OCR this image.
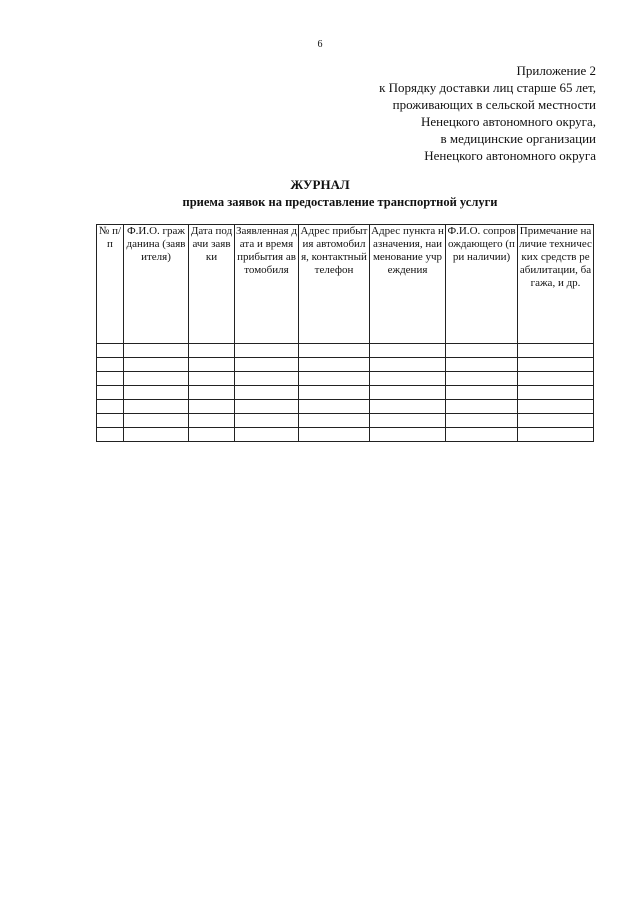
6
Приложение 2
к Порядку доставки лиц старше 65 лет,
проживающих в сельской местности
Ненецкого автономного округа,
в медицинские организации
Ненецкого автономного округа
ЖУРНАЛ
приема заявок на предоставление транспортной услуги
№ п/п	Ф.И.О. гражданина (заявителя)	Дата подачи заявки	Заявленная дата и время прибытия автомобиля	Адрес прибытия автомобиля, контактный телефон	Адрес пункта назначения, наименование учреждения	Ф.И.О. сопровождающего (при наличии)	Примечание наличие технических средств реабилитации, багажа, и др.
